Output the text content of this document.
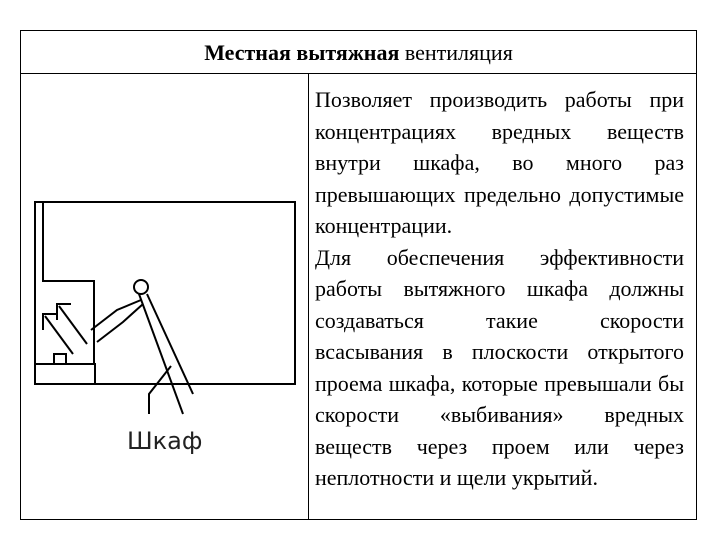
Местная вытяжная вентиляция
Шкаф

Позволяет производить работы при концентрациях вредных веществ внутри шкафа, во много раз превышающих предельно допустимые концентрации.

Для обеспечения эффективности работы вытяжного шкафа должны создаваться такие скорости всасывания в плоскости открытого проема шкафа, которые превышали бы скорости «выбивания» вредных веществ через проем или через неплотности и щели укрытий.
